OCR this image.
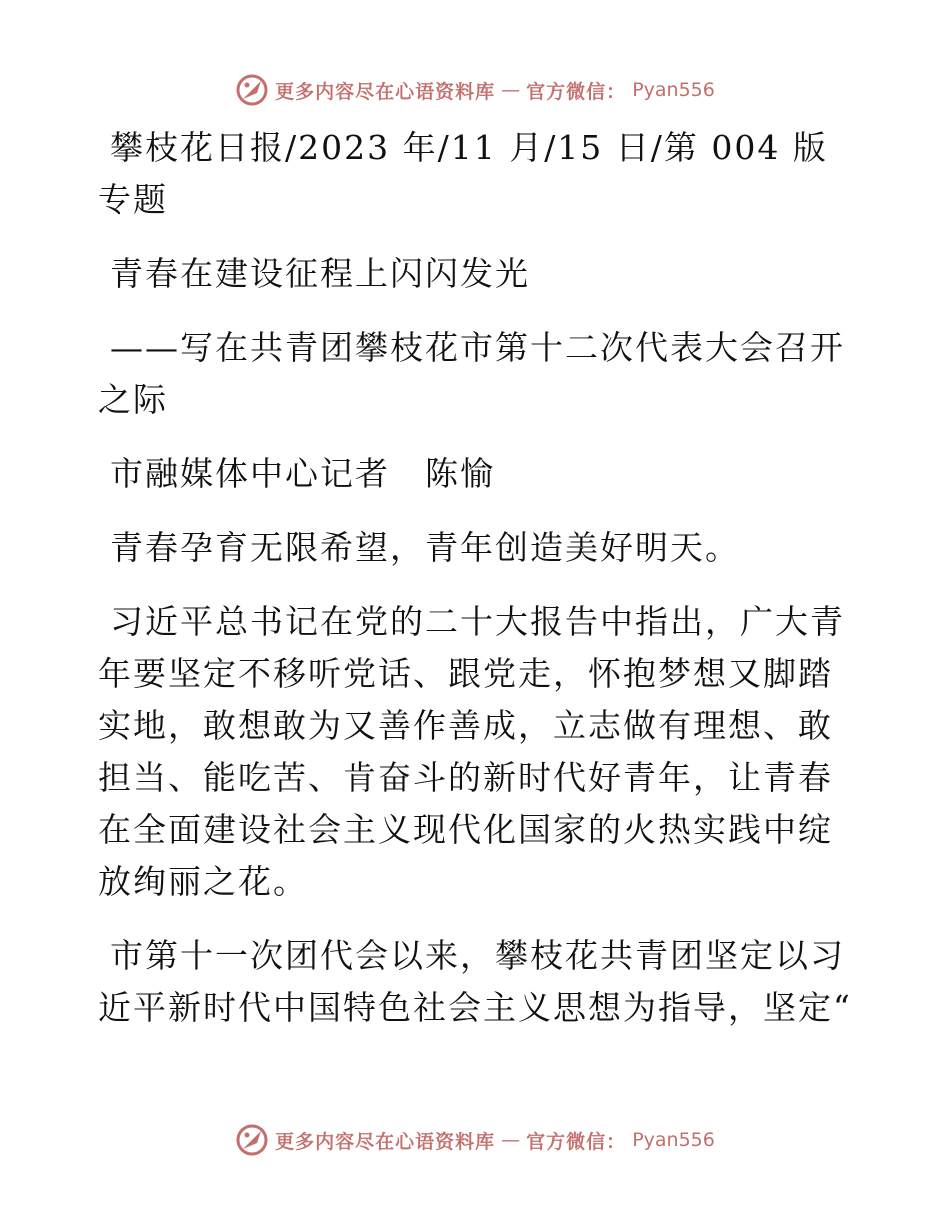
更多内容尽在心语资料库 — 官方微信： Pyan556

攀枝花日报/2023 年/11 月/15 日/第 004 版专题

青春在建设征程上闪闪发光

——写在共青团攀枝花市第十二次代表大会召开之际

市融媒体中心记者　陈愉

青春孕育无限希望，青年创造美好明天。

习近平总书记在党的二十大报告中指出，广大青年要坚定不移听党话、跟党走，怀抱梦想又脚踏实地，敢想敢为又善作善成，立志做有理想、敢担当、能吃苦、肯奋斗的新时代好青年，让青春在全面建设社会主义现代化国家的火热实践中绽放绚丽之花。

市第十一次团代会以来，攀枝花共青团坚定以习近平新时代中国特色社会主义思想为指导，坚定“

更多内容尽在心语资料库 — 官方微信： Pyan556
